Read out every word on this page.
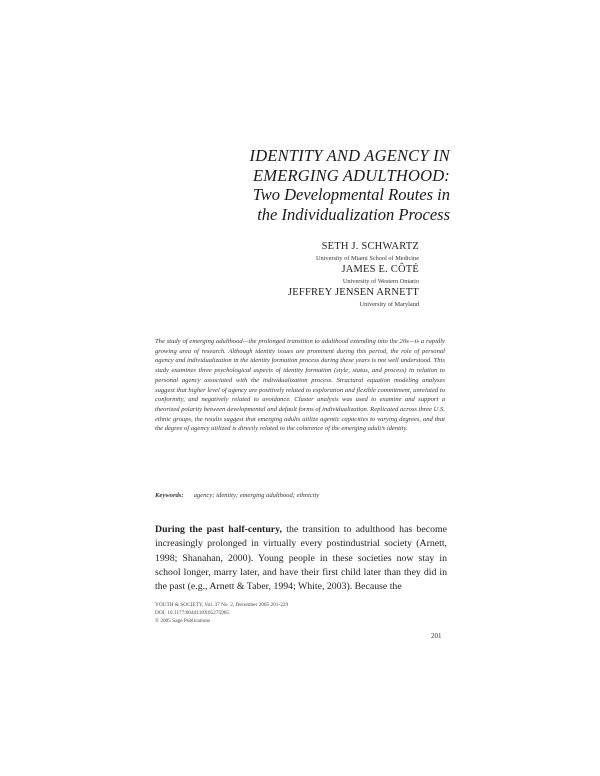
IDENTITY AND AGENCY IN
EMERGING ADULTHOOD:
Two Developmental Routes in
the Individualization Process
SETH J. SCHWARTZ
University of Miami School of Medicine
JAMES E. CÔTÉ
University of Western Ontario
JEFFREY JENSEN ARNETT
University of Maryland

The study of emerging adulthood—the prolonged transition to adulthood extending into the 20s—is a rapidly growing area of research. Although identity issues are prominent during this period, the role of personal agency and individualization in the identity formation process during these years is not well understood. This study examines three psychological aspects of identity formation (style, status, and process) in relation to personal agency associated with the individualization process. Structural equation modeling analyses suggest that higher level of agency are positively related to exploration and flexible commitment, unrelated to conformity, and negatively related to avoidance. Cluster analysis was used to examine and support a theorized polarity between developmental and default forms of individualization. Replicated across three U.S. ethnic groups, the results suggest that emerging adults utilize agentic capacities to varying degrees, and that the degree of agency utilized is directly related to the coherence of the emerging adult’s identity.

Keywords: agency; identity; emerging adulthood; ethnicity

During the past half-century, the transition to adulthood has become increasingly prolonged in virtually every postindustrial society (Arnett, 1998; Shanahan, 2000). Young people in these societies now stay in school longer, marry later, and have their first child later than they did in the past (e.g., Arnett & Taber, 1994; White, 2003). Because the

YOUTH & SOCIETY, Vol. 37 No. 2, December 2005 201-229
DOI: 10.1177/0044118X05275965
© 2005 Sage Publications
201
